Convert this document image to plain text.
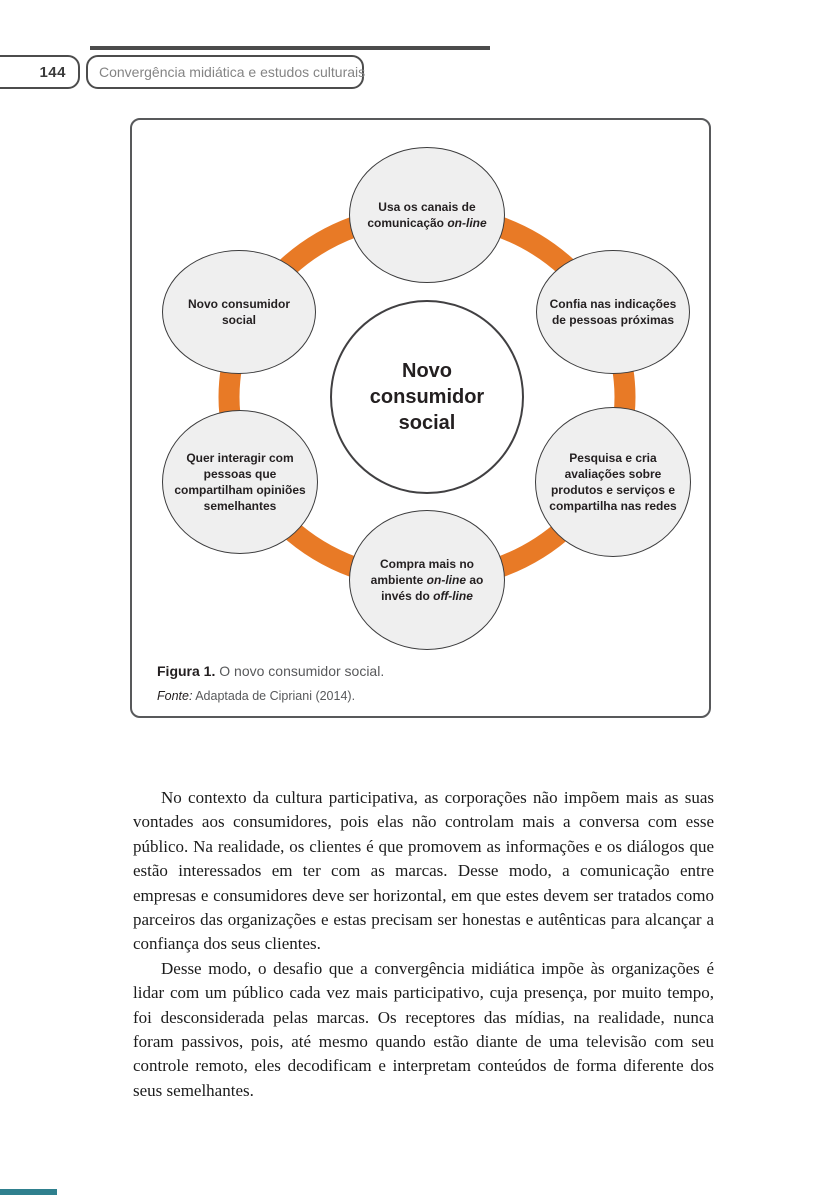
144 Convergência midiática e estudos culturais
Usa os canais de comunicação on-line
Novo consumidor social
Confia nas indicações de pessoas próximas
Quer interagir com pessoas que compartilham opiniões semelhantes
Pesquisa e cria avaliações sobre produtos e serviços e compartilha nas redes
Compra mais no ambiente on-line ao invés do off-line
Novo consumidor social
Figura 1. O novo consumidor social.
Fonte: Adaptada de Cipriani (2014).

No contexto da cultura participativa, as corporações não impõem mais as suas vontades aos consumidores, pois elas não controlam mais a conversa com esse público. Na realidade, os clientes é que promovem as informações e os diálogos que estão interessados em ter com as marcas. Desse modo, a comunicação entre empresas e consumidores deve ser horizontal, em que estes devem ser tratados como parceiros das organizações e estas precisam ser honestas e autênticas para alcançar a confiança dos seus clientes.

Desse modo, o desafio que a convergência midiática impõe às organizações é lidar com um público cada vez mais participativo, cuja presença, por muito tempo, foi desconsiderada pelas marcas. Os receptores das mídias, na realidade, nunca foram passivos, pois, até mesmo quando estão diante de uma televisão com seu controle remoto, eles decodificam e interpretam conteúdos de forma diferente dos seus semelhantes.
